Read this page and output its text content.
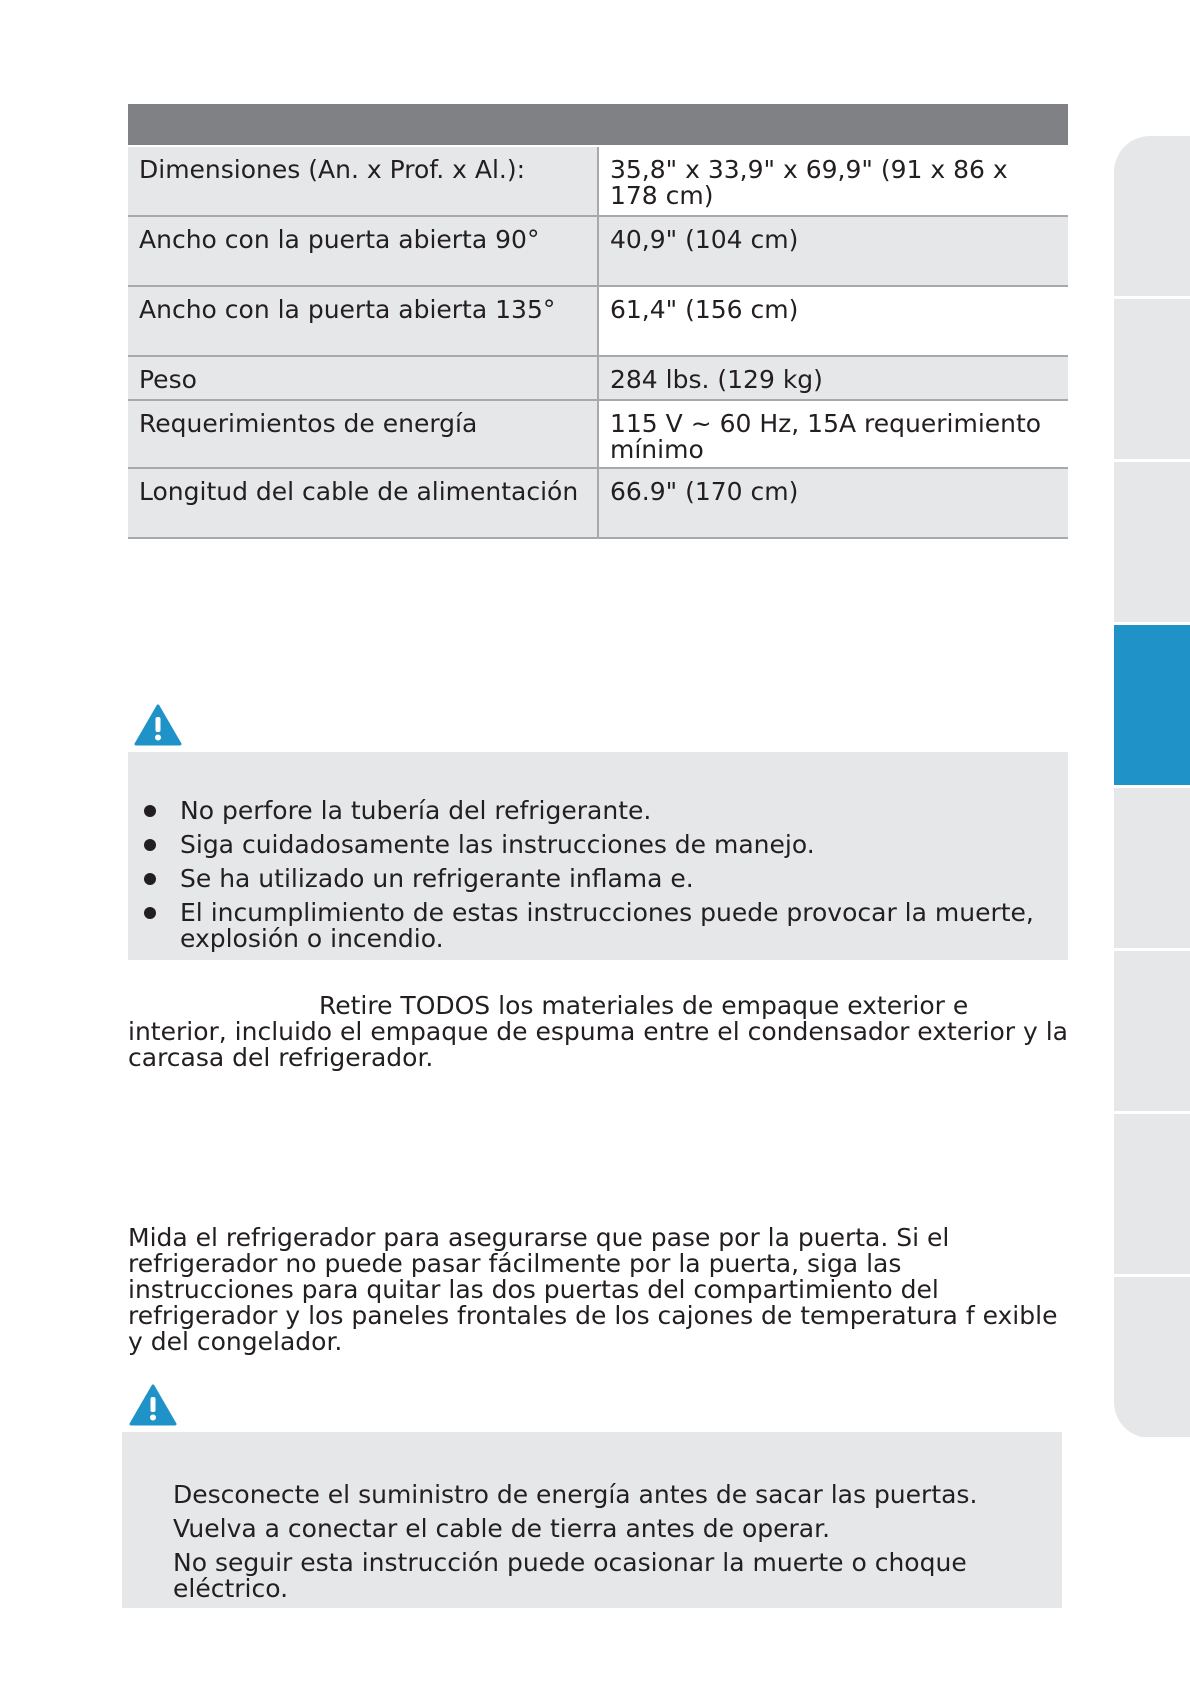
Dimensiones (An. x Prof. x Al.):	35,8" x 33,9" x 69,9" (91 x 86 x 178 cm)
Ancho con la puerta abierta 90°	40,9" (104 cm)
Ancho con la puerta abierta 135°	61,4" (156 cm)
Peso	284 lbs. (129 kg)
Requerimientos de energía	115 V ~ 60 Hz, 15A requerimiento mínimo
Longitud del cable de alimentación	66.9" (170 cm)
No perfore la tubería del refrigerante.
Siga cuidadosamente las instrucciones de manejo.
Se ha utilizado un refrigerante inflama e.
El incumplimiento de estas instrucciones puede provocar la muerte, explosión o incendio.

Retire TODOS los materiales de empaque exterior e interior, incluido el empaque de espuma entre el condensador exterior y la carcasa del refrigerador.

Mida el refrigerador para asegurarse que pase por la puerta. Si el refrigerador no puede pasar fácilmente por la puerta, siga las instrucciones para quitar las dos puertas del compartimiento del refrigerador y los paneles frontales de los cajones de temperatura f exible y del congelador.

Desconecte el suministro de energía antes de sacar las puertas.
Vuelva a conectar el cable de tierra antes de operar.
No seguir esta instrucción puede ocasionar la muerte o choque eléctrico.
